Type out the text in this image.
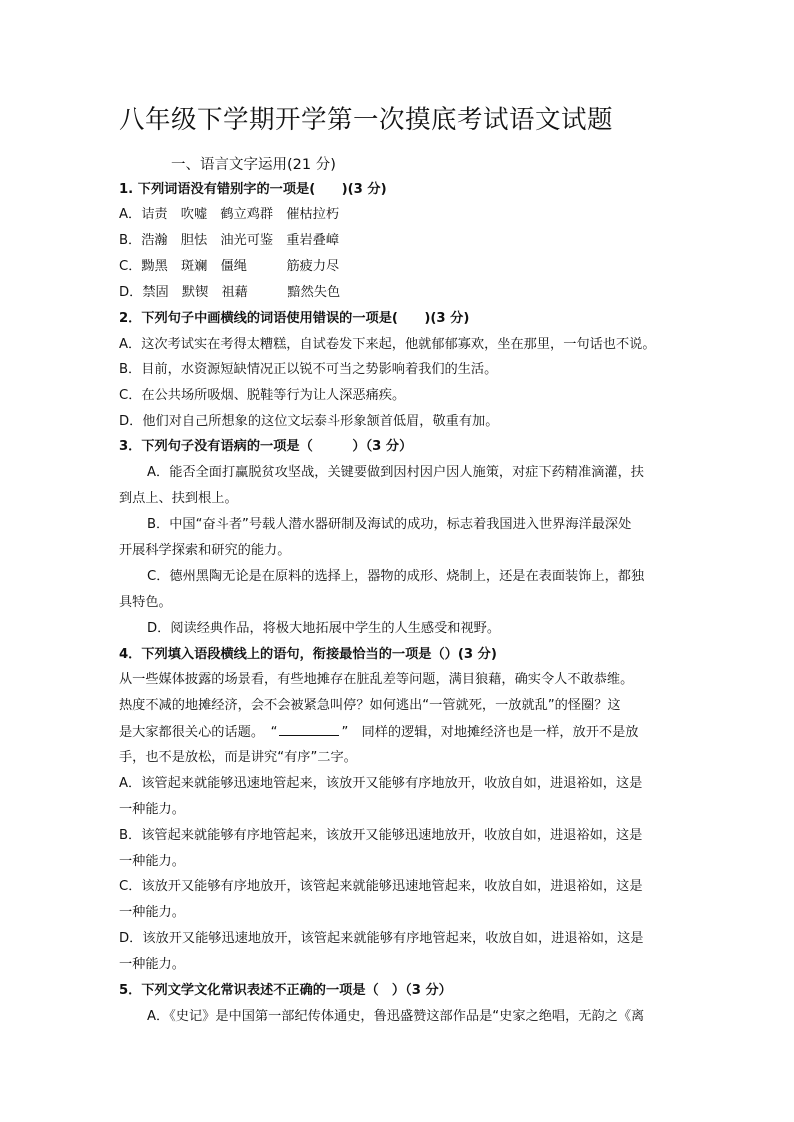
八年级下学期开学第一次摸底考试语文试题
一、语言文字运用(21 分)
1. 下列词语没有错别字的一项是(　　)(3 分)
A．诘责　吹嘘　鹤立鸡群　催枯拉朽
B．浩瀚　胆怯　油光可鉴　重岩叠嶂
C．黝黑　斑斓　僵绳　　　筋疲力尽
D．禁固　默锲　祖藉　　　黯然失色
2．下列句子中画横线的词语使用错误的一项是(　　)(3 分)
A．这次考试实在考得太糟糕，自试卷发下来起，他就郁郁寡欢，坐在那里，一句话也不说。
B．目前，水资源短缺情况正以锐不可当之势影响着我们的生活。
C．在公共场所吸烟、脱鞋等行为让人深恶痛疾。
D．他们对自己所想象的这位文坛泰斗形象颔首低眉，敬重有加。
3．下列句子没有语病的一项是（　　　）（3 分）
A．能否全面打赢脱贫攻坚战，关键要做到因村因户因人施策，对症下药精准滴灌，扶
到点上、扶到根上。
B．中国“奋斗者”号载人潜水器研制及海试的成功，标志着我国进入世界海洋最深处
开展科学探索和研究的能力。
C．德州黑陶无论是在原料的选择上，器物的成形、烧制上，还是在表面装饰上，都独
具特色。
D．阅读经典作品，将极大地拓展中学生的人生感受和视野。
4．下列填入语段横线上的语句，衔接最恰当的一项是（）(3 分)
从一些媒体披露的场景看，有些地摊存在脏乱差等问题，满目狼藉，确实令人不敢恭维。
热度不减的地摊经济，会不会被紧急叫停？如何逃出“一管就死，一放就乱”的怪圈？这
是大家都很关心的话题。　“	”　同样的逻辑，对地摊经济也是一样，放开不是放
手，也不是放松，而是讲究“有序”二字。
A．该管起来就能够迅速地管起来，该放开又能够有序地放开，收放自如，进退裕如，这是
一种能力。
B．该管起来就能够有序地管起来，该放开又能够迅速地放开，收放自如，进退裕如，这是
一种能力。
C．该放开又能够有序地放开，该管起来就能够迅速地管起来，收放自如，进退裕如，这是
一种能力。
D．该放开又能够迅速地放开，该管起来就能够有序地管起来，收放自如，进退裕如，这是
一种能力。
5．下列文学文化常识表述不正确的一项是（　）（3 分）
A．《史记》是中国第一部纪传体通史，鲁迅盛赞这部作品是“史家之绝唱，无韵之《离
